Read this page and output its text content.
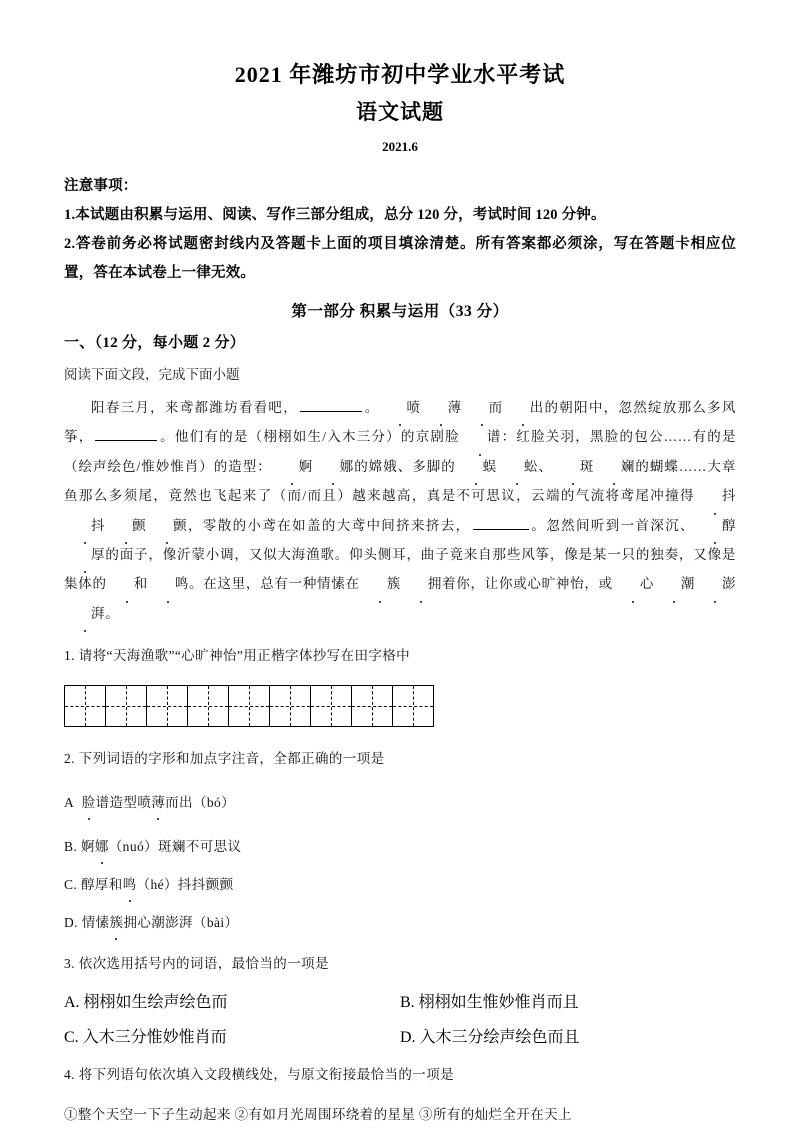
2021 年潍坊市初中学业水平考试
语文试题
2021.6
注意事项：
1.本试题由积累与运用、阅读、写作三部分组成，总分 120 分，考试时间 120 分钟。
2.答卷前务必将试题密封线内及答题卡上面的项目填涂清楚。所有答案都必须涂，写在答题卡相应位置，答在本试卷上一律无效。
第一部分 积累与运用（33 分）
一、（12 分，每小题 2 分）
阅读下面文段，完成下面小题

阳春三月，来鸢都潍坊看看吧，	。 喷 薄 而 出的朝阳中，忽然绽放那么多风筝，	。他们有的是（栩栩如生/入木三分）的京剧脸 谱：红脸关羽，黑脸的包公……有的是（绘声绘色/惟妙惟肖）的造型： 婀 娜的嫦娥、多脚的 蜈 蚣、 斑 斓的蝴蝶……大章鱼那么多须尾，竟然也飞起来了（而/而且）越来越高，真是不可思议，云端的气流将鸢尾冲撞得 抖抖 颤 颤，零散的小鸢在如盖的大鸢中间挤来挤去，	。忽然间听到一首深沉、 醇厚的面子，像沂蒙小调，又似大海渔歌。仰头侧耳，曲子竟来自那些风筝，像是某一只的独奏，又像是集体的 和 鸣。在这里，总有一种情愫在 簇 拥着你，让你或心旷神怡，或 心 潮 澎湃。

1. 请将“天海渔歌”“心旷神怡”用正楷字体抄写在田字格中
2. 下列词语的字形和加点字注音，全都正确的一项是
A 脸谱造型喷薄而出（bó）
B. 婀娜（nuó）斑斓不可思议
C. 醇厚和鸣（hé）抖抖颤颤
D. 情愫簇拥心潮澎湃（bài）
3. 依次选用括号内的词语，最恰当的一项是
A. 栩栩如生绘声绘色而	B. 栩栩如生惟妙惟肖而且
C. 入木三分惟妙惟肖而	D. 入木三分绘声绘色而且
4. 将下列语句依次填入文段横线处，与原文衔接最恰当的一项是
①整个天空一下子生动起来 ②有如月光周围环绕着的星星 ③所有的灿烂全开在天上
